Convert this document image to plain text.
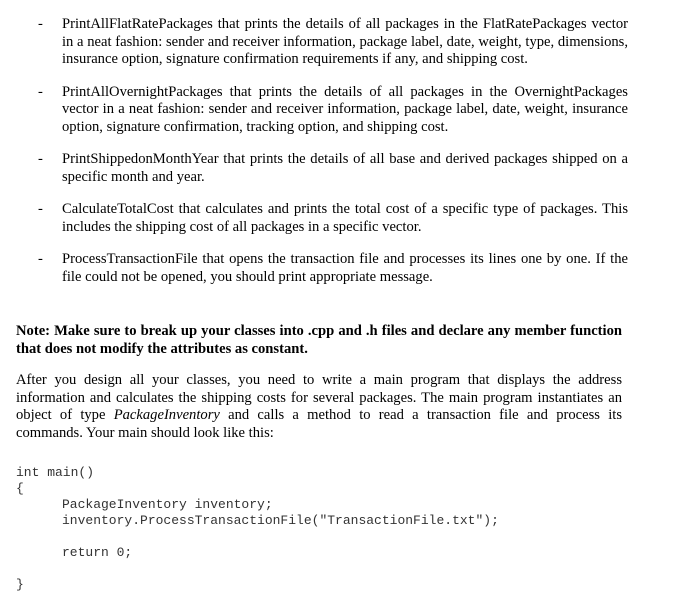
- PrintAllFlatRatePackages that prints the details of all packages in the FlatRatePackages vector in a neat fashion: sender and receiver information, package label, date, weight, type, dimensions, insurance option, signature confirmation requirements if any, and shipping cost.
- PrintAllOvernightPackages that prints the details of all packages in the OvernightPackages vector in a neat fashion: sender and receiver information, package label, date, weight, insurance option, signature confirmation, tracking option, and shipping cost.
- PrintShippedonMonthYear that prints the details of all base and derived packages shipped on a specific month and year.
- CalculateTotalCost that calculates and prints the total cost of a specific type of packages. This includes the shipping cost of all packages in a specific vector.
- ProcessTransactionFile that opens the transaction file and processes its lines one by one. If the file could not be opened, you should print appropriate message.
Note: Make sure to break up your classes into .cpp and .h files and declare any member function that does not modify the attributes as constant.
After you design all your classes, you need to write a main program that displays the address information and calculates the shipping costs for several packages. The main program instantiates an object of type PackageInventory and calls a method to read a transaction file and process its commands. Your main should look like this:
int main()
{
PackageInventory inventory;
inventory.ProcessTransactionFile("TransactionFile.txt");
return 0;
}
